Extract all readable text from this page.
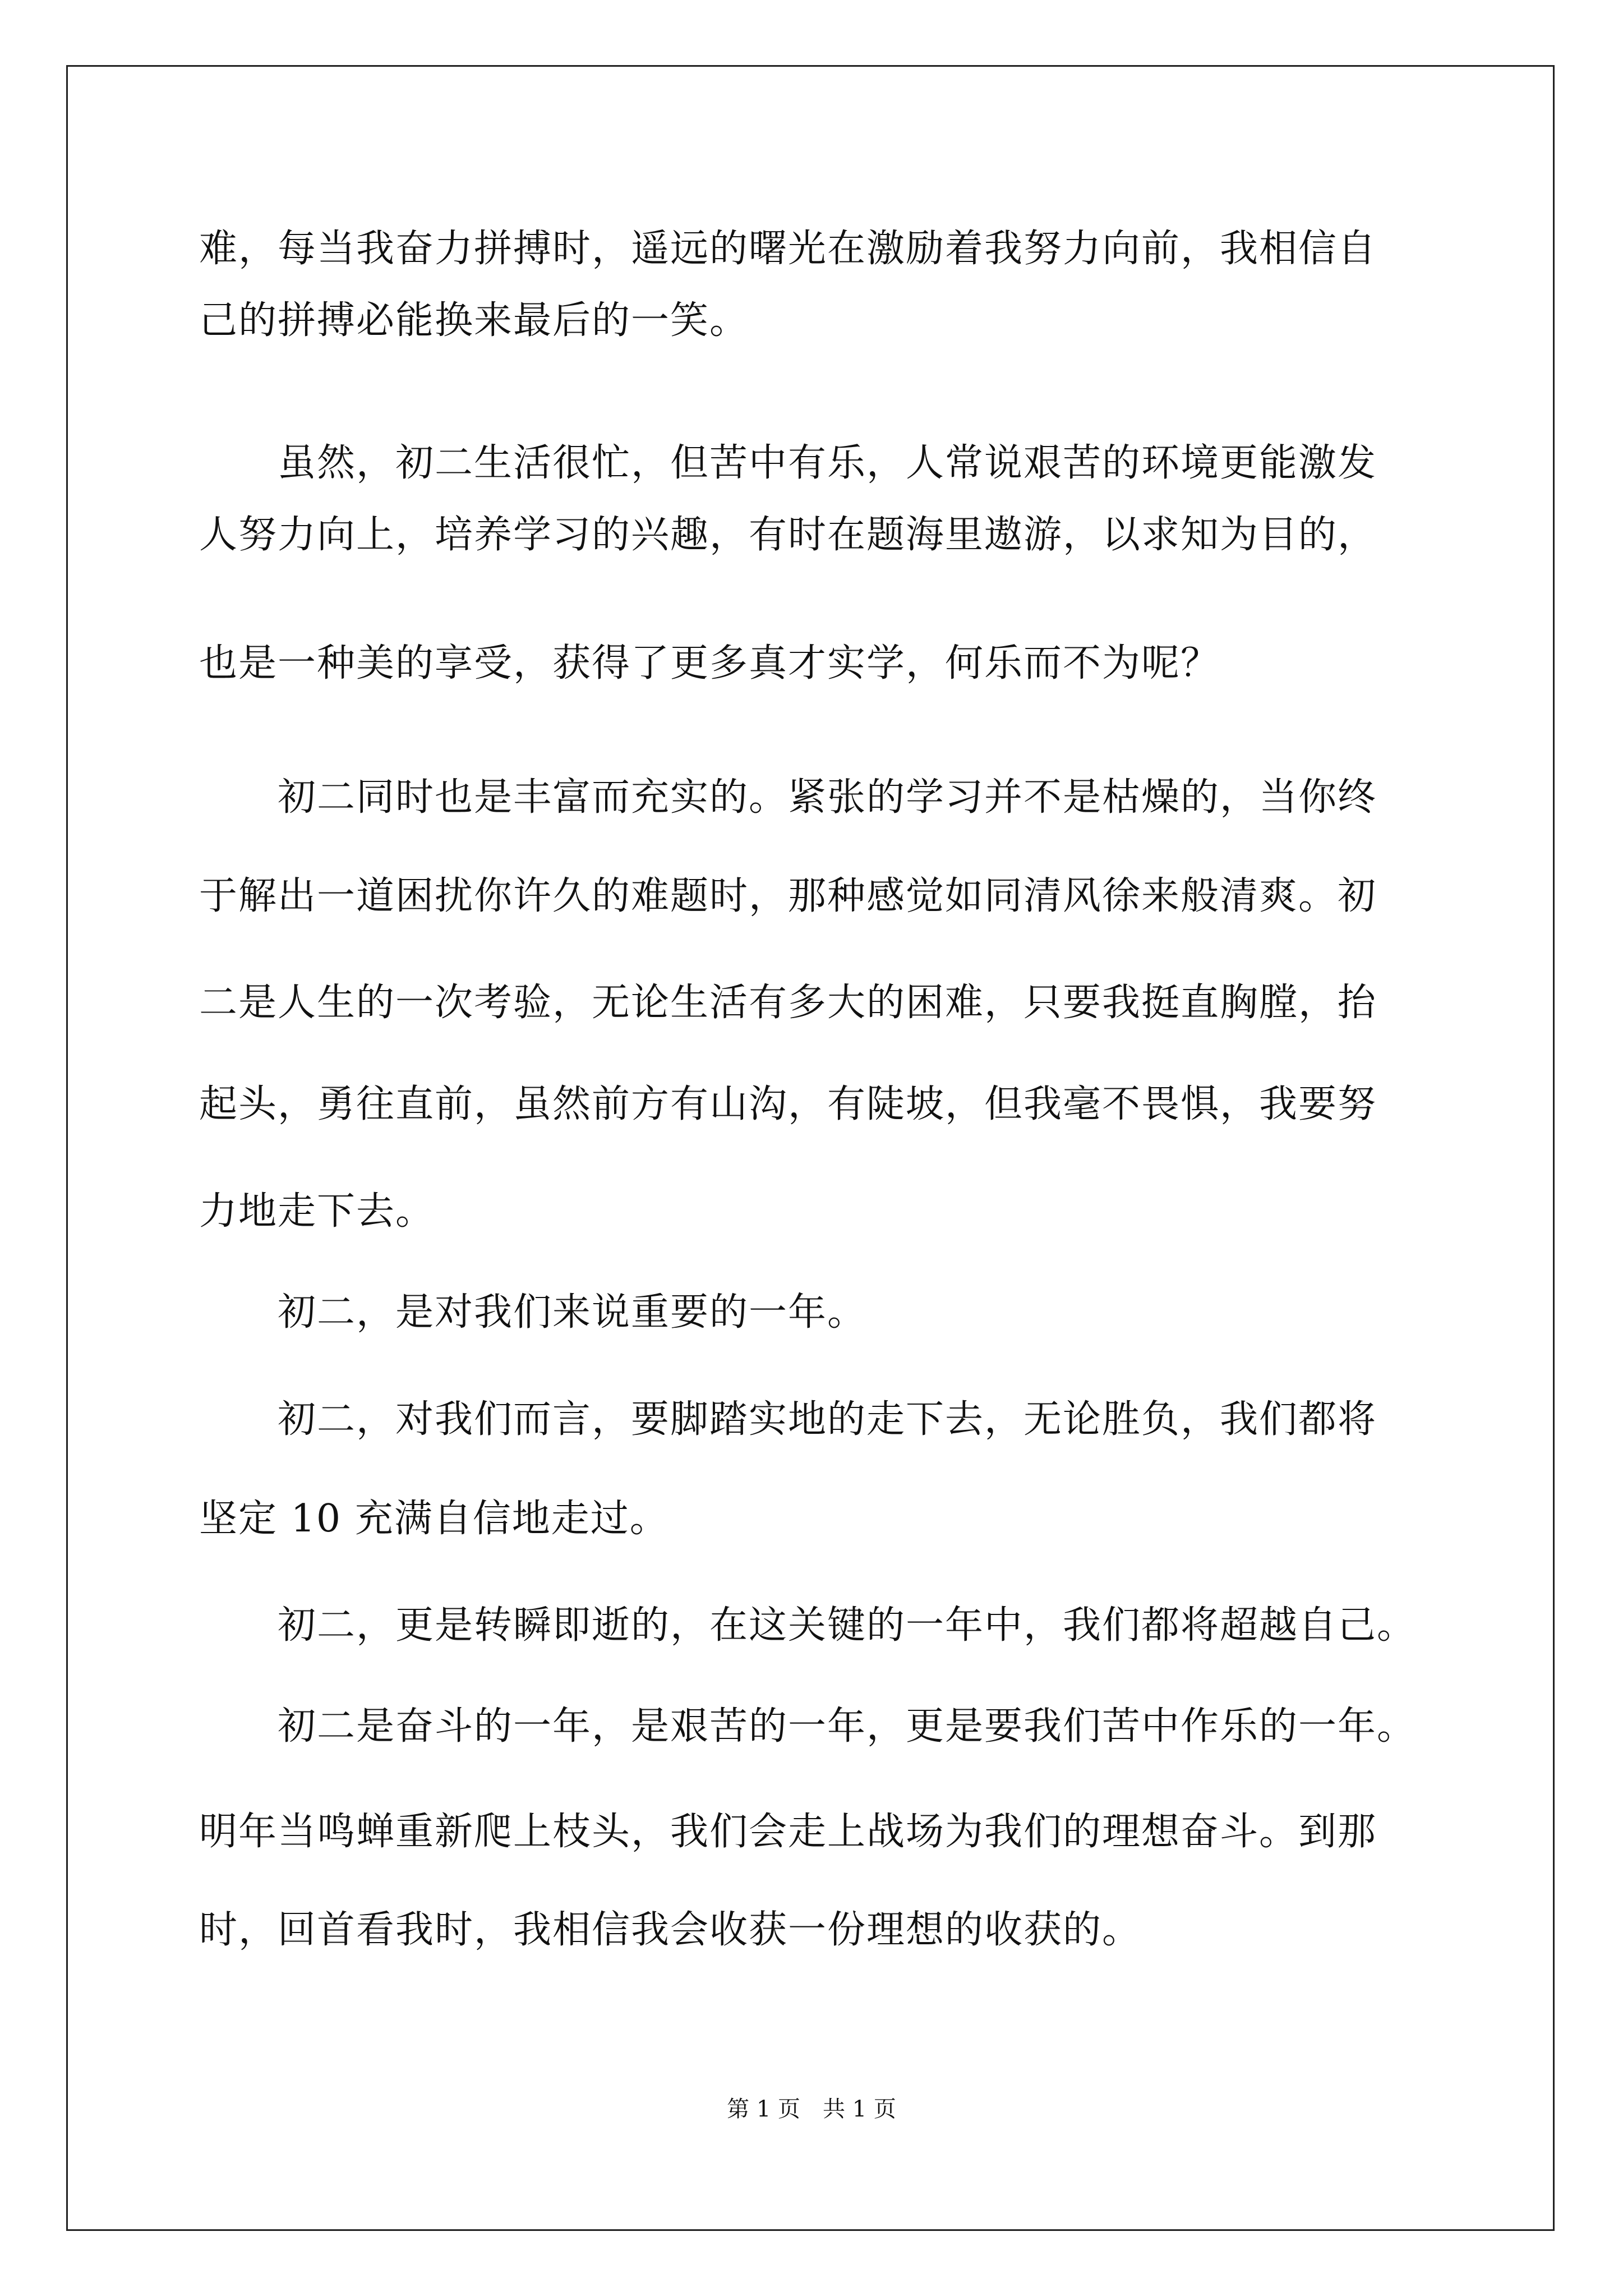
难，每当我奋力拼搏时，遥远的曙光在激励着我努力向前，我相信自
己的拼搏必能换来最后的一笑。
　　虽然，初二生活很忙，但苦中有乐，人常说艰苦的环境更能激发
人努力向上，培养学习的兴趣，有时在题海里遨游，以求知为目的，
也是一种美的享受，获得了更多真才实学，何乐而不为呢？
　　初二同时也是丰富而充实的。紧张的学习并不是枯燥的，当你终
于解出一道困扰你许久的难题时，那种感觉如同清风徐来般清爽。初
二是人生的一次考验，无论生活有多大的困难，只要我挺直胸膛，抬
起头，勇往直前，虽然前方有山沟，有陡坡，但我毫不畏惧，我要努
力地走下去。
　　初二，是对我们来说重要的一年。
　　初二，对我们而言，要脚踏实地的走下去，无论胜负，我们都将
坚定 10 充满自信地走过。
　　初二，更是转瞬即逝的，在这关键的一年中，我们都将超越自己。
　　初二是奋斗的一年，是艰苦的一年，更是要我们苦中作乐的一年。
明年当鸣蝉重新爬上枝头，我们会走上战场为我们的理想奋斗。到那
时，回首看我时，我相信我会收获一份理想的收获的。
第 1 页　共 1 页
